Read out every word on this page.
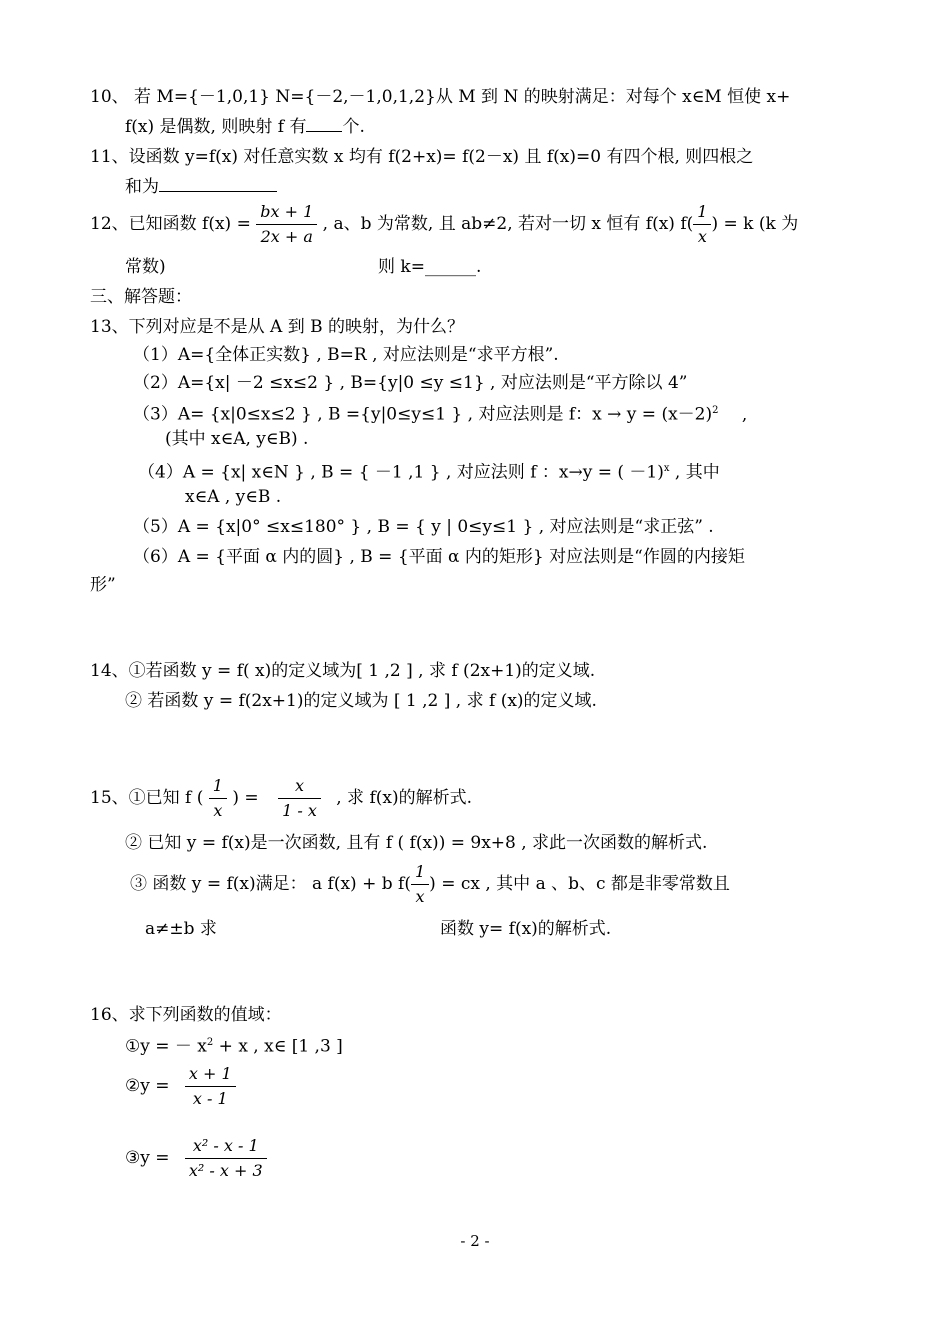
10、 若 M={－1,0,1} N={－2,－1,0,1,2}从 M 到 N 的映射满足：对每个 x∈M 恒使 x+
f(x) 是偶数, 则映射 f 有 个.
11、设函数 y=f(x) 对任意实数 x 均有 f(2+x)= f(2－x) 且 f(x)=0 有四个根, 则四根之
和为
12、已知函数 $f(x) = \frac{bx + 1}{2x + a}$ , a、b 为常数, 且 ab≠2, 若对一切 x 恒有 f(x) $f( \frac{1}{x}$ ) = k (k 为
常数)	则 k=______.
三、解答题：
13、下列对应是不是从 A 到 B 的映射，为什么？
（1）A={全体正实数} , B=R , 对应法则是“求平方根”.
（2）A={x| －2 ≤x≤2 } , B={y|0 ≤y ≤1} , 对应法则是“平方除以 4”
（3）A= {x|0≤x≤2 } , B ={y|0≤y≤1 } , 对应法则是 f：$x \to y = (x-2)^2$ ,
(其中 x∈A, y∈B) .
（4）A = {x| x∈N } , B = { －1 ,1 } , 对应法则 f ：x→y = ( －1)$^x$ , 其中
x∈A , y∈B .
（5）A = {x|0° ≤x≤180° } , B = { y | 0≤y≤1 } , 对应法则是“求正弦” .
（6）A = {平面 α 内的圆} , B = {平面 α 内的矩形} 对应法则是“作圆的内接矩
形”
14、①若函数 y = f( x)的定义域为[ 1 ,2 ] , 求 f (2x+1)的定义域.
② 若函数 y = f(2x+1)的定义域为 [ 1 ,2 ] , 求 f (x)的定义域.
15、①已知 f ( $\frac{1}{x}$ ) = $\frac{x}{1 - x}$ , 求 f(x)的解析式.
② 已知 y = f(x)是一次函数, 且有 f ( f(x)) = 9x+8 , 求此一次函数的解析式.
③ 函数 y = f(x)满足： a f(x) + b $f( \frac{1}{x}$ ) = cx , 其中 a 、b、c 都是非零常数且
a≠±b 求	函数 y= f(x)的解析式.
16、求下列函数的值域：
①y = － $x^2 + x$ , x∈ [1 ,3 ]
②y = $\frac{x + 1}{x - 1}$
③y = $\frac{\text{x² - x - 1}}{\text{x² - x + 3}}$
- 2 -
